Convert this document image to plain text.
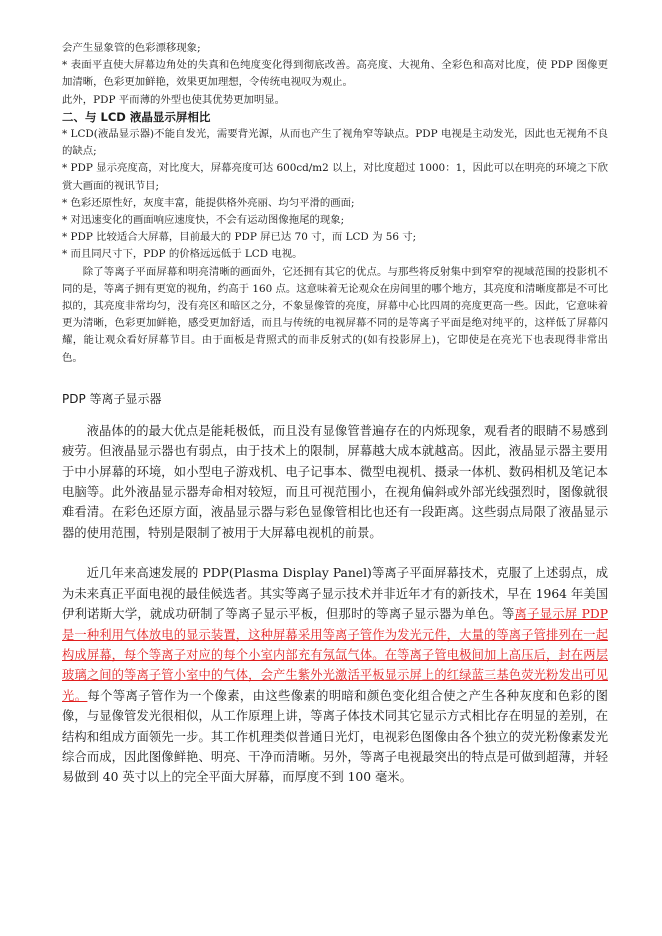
会产生显象管的色彩漂移现象;

* 表面平直使大屏幕边角处的失真和色纯度变化得到彻底改善。高亮度、大视角、全彩色和高对比度，使 PDP 图像更加清晰，色彩更加鲜艳，效果更加理想，令传统电视叹为观止。

此外，PDP 平而薄的外型也使其优势更加明显。

二、与 LCD 液晶显示屏相比

* LCD(液晶显示器)不能自发光，需要背光源，从而也产生了视角窄等缺点。PDP 电视是主动发光，因此也无视角不良的缺点;

* PDP 显示亮度高，对比度大，屏幕亮度可达 600cd/m2 以上，对比度超过 1000：1，因此可以在明亮的环境之下欣赏大画面的视讯节目;

* 色彩还原性好，灰度丰富，能提供格外亮丽、均匀平滑的画面;

* 对迅速变化的画面响应速度快，不会有运动图像拖尾的现象;

* PDP 比较适合大屏幕，目前最大的 PDP 屏已达 70 寸，而 LCD 为 56 寸;

* 而且同尺寸下，PDP 的价格远远低于 LCD 电视。

除了等离子平面屏幕和明亮清晰的画面外，它还拥有其它的优点。与那些将反射集中到窄窄的视域范围的投影机不同的是，等离子拥有更宽的视角，约高于 160 点。这意味着无论观众在房间里的哪个地方，其亮度和清晰度都是不可比拟的，其亮度非常均匀，没有亮区和暗区之分，不象显像管的亮度，屏幕中心比四周的亮度更高一些。因此，它意味着更为清晰，色彩更加鲜艳，感受更加舒适，而且与传统的电视屏幕不同的是等离子平面是绝对纯平的，这样低了屏幕闪耀，能让观众看好屏幕节目。由于面板是背照式的而非反射式的(如有投影屏上)，它即使是在亮光下也表现得非常出色。

PDP 等离子显示器

液晶体的的最大优点是能耗极低，而且没有显像管普遍存在的内烁现象，观看者的眼睛不易感到疲劳。但液晶显示器也有弱点，由于技术上的限制，屏幕越大成本就越高。因此，液晶显示器主要用于中小屏幕的环境，如小型电子游戏机、电子记事本、微型电视机、摄录一体机、数码相机及笔记本电脑等。此外液晶显示器寿命相对较短，而且可视范围小，在视角偏斜或外部光线强烈时，图像就很难看清。在彩色还原方面，液晶显示器与彩色显像管相比也还有一段距离。这些弱点局限了液晶显示器的使用范围，特别是限制了被用于大屏幕电视机的前景。

近几年来高速发展的 PDP(Plasma Display Panel)等离子平面屏幕技术，克服了上述弱点，成为未来真正平面电视的最佳候选者。其实等离子显示技术并非近年才有的新技术，早在 1964 年美国伊利诺斯大学，就成功研制了等离子显示平板，但那时的等离子显示器为单色。等离子显示屏 PDP 是一种利用气体放电的显示装置，这种屏幕采用等离子管作为发光元件，大量的等离子管排列在一起构成屏幕，每个等离子对应的每个小室内部充有氖氙气体。在等离子管电极间加上高压后，封在两层玻璃之间的等离子管小室中的气体，会产生紫外光激活平板显示屏上的红绿蓝三基色荧光粉发出可见光。每个等离子管作为一个像素，由这些像素的明暗和颜色变化组合使之产生各种灰度和色彩的图像，与显像管发光很相似，从工作原理上讲，等离子体技术同其它显示方式相比存在明显的差别，在结构和组成方面领先一步。其工作机理类似普通日光灯，电视彩色图像由各个独立的荧光粉像素发光综合而成，因此图像鲜艳、明亮、干净而清晰。另外，等离子电视最突出的特点是可做到超薄，并轻易做到 40 英寸以上的完全平面大屏幕，而厚度不到 100 毫米。
